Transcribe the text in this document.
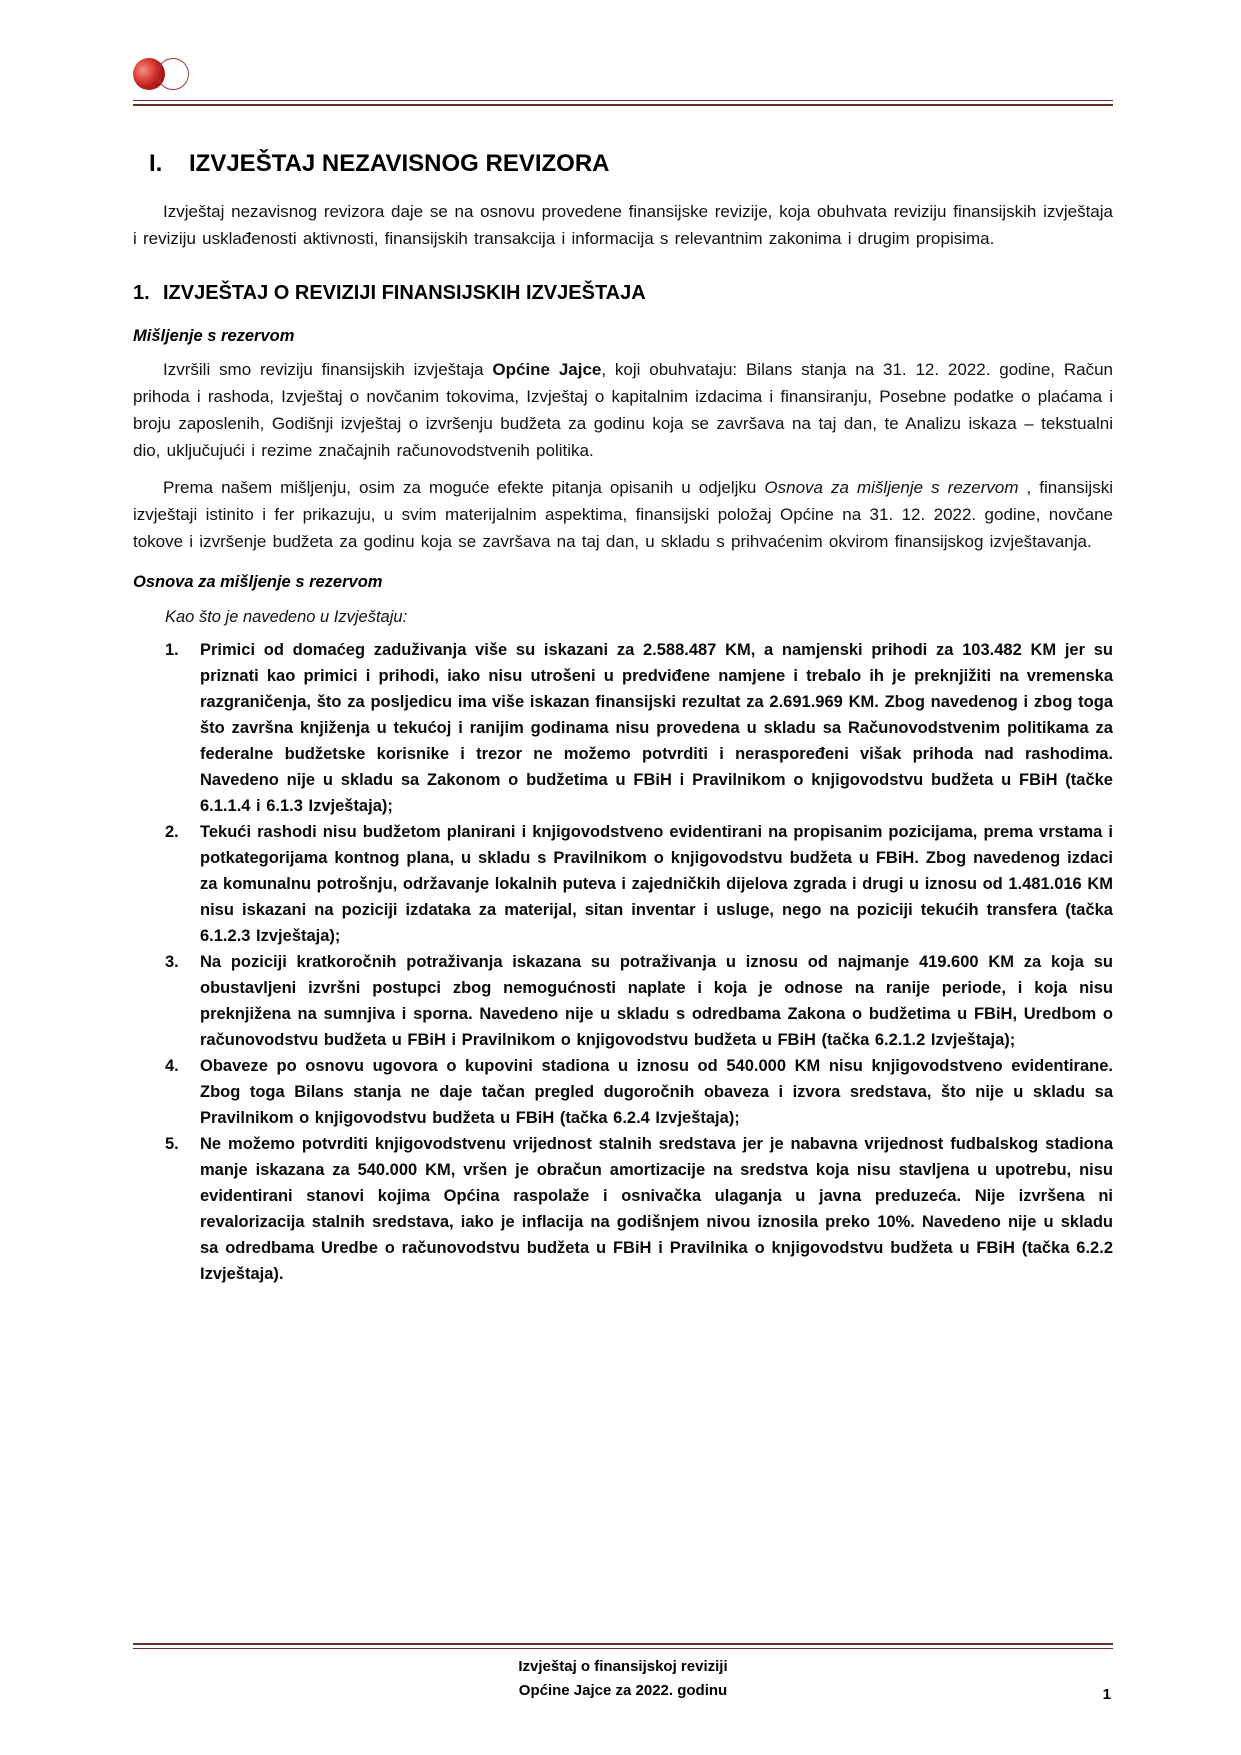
I. IZVJEŠTAJ NEZAVISNOG REVIZORA

Izvještaj nezavisnog revizora daje se na osnovu provedene finansijske revizije, koja obuhvata reviziju finansijskih izvještaja i reviziju usklađenosti aktivnosti, finansijskih transakcija i informacija s relevantnim zakonima i drugim propisima.

1. IZVJEŠTAJ O REVIZIJI FINANSIJSKIH IZVJEŠTAJA
Mišljenje s rezervom

Izvršili smo reviziju finansijskih izvještaja Općine Jajce, koji obuhvataju: Bilans stanja na 31. 12. 2022. godine, Račun prihoda i rashoda, Izvještaj o novčanim tokovima, Izvještaj o kapitalnim izdacima i finansiranju, Posebne podatke o plaćama i broju zaposlenih, Godišnji izvještaj o izvršenju budžeta za godinu koja se završava na taj dan, te Analizu iskaza – tekstualni dio, uključujući i rezime značajnih računovodstvenih politika.

Prema našem mišljenju, osim za moguće efekte pitanja opisanih u odjeljku Osnova za mišljenje s rezervom , finansijski izvještaji istinito i fer prikazuju, u svim materijalnim aspektima, finansijski položaj Općine na 31. 12. 2022. godine, novčane tokove i izvršenje budžeta za godinu koja se završava na taj dan, u skladu s prihvaćenim okvirom finansijskog izvještavanja.

Osnova za mišljenje s rezervom

Kao što je navedeno u Izvještaju:

1.	Primici od domaćeg zaduživanja više su iskazani za 2.588.487 KM, a namjenski prihodi za 103.482 KM jer su priznati kao primici i prihodi, iako nisu utrošeni u predviđene namjene i trebalo ih je preknjižiti na vremenska razgraničenja, što za posljedicu ima više iskazan finansijski rezultat za 2.691.969 KM. Zbog navedenog i zbog toga što završna knjiženja u tekućoj i ranijim godinama nisu provedena u skladu sa Računovodstvenim politikama za federalne budžetske korisnike i trezor ne možemo potvrditi i neraspoređeni višak prihoda nad rashodima. Navedeno nije u skladu sa Zakonom o budžetima u FBiH i Pravilnikom o knjigovodstvu budžeta u FBiH (tačke 6.1.1.4 i 6.1.3 Izvještaja);
2.	Tekući rashodi nisu budžetom planirani i knjigovodstveno evidentirani na propisanim pozicijama, prema vrstama i potkategorijama kontnog plana, u skladu s Pravilnikom o knjigovodstvu budžeta u FBiH. Zbog navedenog izdaci za komunalnu potrošnju, održavanje lokalnih puteva i zajedničkih dijelova zgrada i drugi u iznosu od 1.481.016 KM nisu iskazani na poziciji izdataka za materijal, sitan inventar i usluge, nego na poziciji tekućih transfera (tačka 6.1.2.3 Izvještaja);
3.	Na poziciji kratkoročnih potraživanja iskazana su potraživanja u iznosu od najmanje 419.600 KM za koja su obustavljeni izvršni postupci zbog nemogućnosti naplate i koja je odnose na ranije periode, i koja nisu preknjižena na sumnjiva i sporna. Navedeno nije u skladu s odredbama Zakona o budžetima u FBiH, Uredbom o računovodstvu budžeta u FBiH i Pravilnikom o knjigovodstvu budžeta u FBiH (tačka 6.2.1.2 Izvještaja);
4.	Obaveze po osnovu ugovora o kupovini stadiona u iznosu od 540.000 KM nisu knjigovodstveno evidentirane. Zbog toga Bilans stanja ne daje tačan pregled dugoročnih obaveza i izvora sredstava, što nije u skladu sa Pravilnikom o knjigovodstvu budžeta u FBiH (tačka 6.2.4 Izvještaja);
5.	Ne možemo potvrditi knjigovodstvenu vrijednost stalnih sredstava jer je nabavna vrijednost fudbalskog stadiona manje iskazana za 540.000 KM, vršen je obračun amortizacije na sredstva koja nisu stavljena u upotrebu, nisu evidentirani stanovi kojima Općina raspolaže i osnivačka ulaganja u javna preduzeća. Nije izvršena ni revalorizacija stalnih sredstava, iako je inflacija na godišnjem nivou iznosila preko 10%. Navedeno nije u skladu sa odredbama Uredbe o računovodstvu budžeta u FBiH i Pravilnika o knjigovodstvu budžeta u FBiH (tačka 6.2.2 Izvještaja).
Izvještaj o finansijskoj reviziji
Općine Jajce za 2022. godinu	1
